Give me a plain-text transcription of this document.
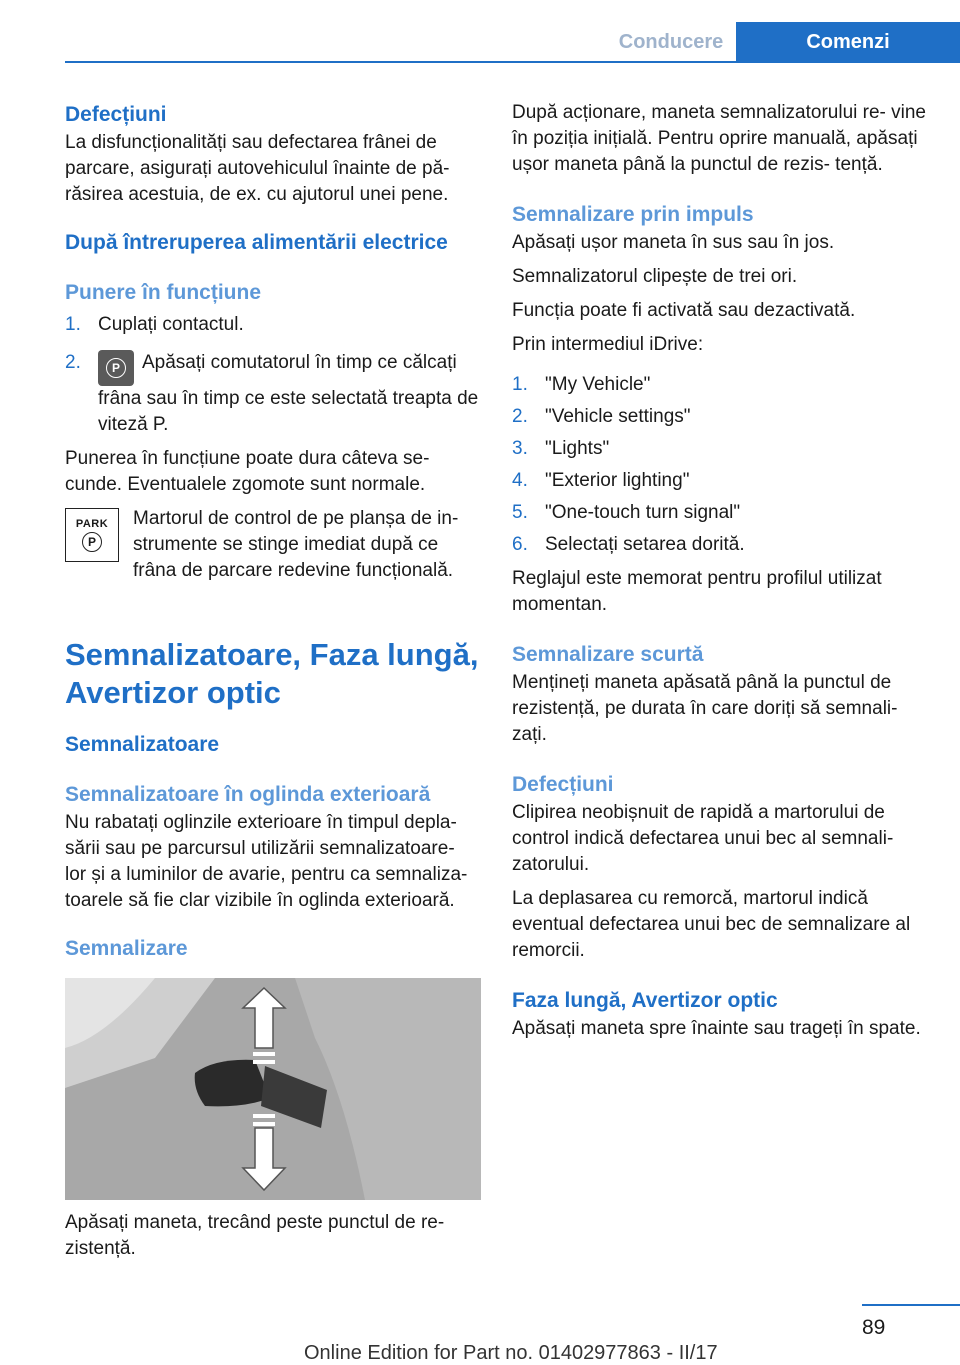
Conducere	Comenzi
Defecțiuni

La disfuncționalități sau defectarea frânei de parcare, asigurați autovehiculul înainte de pă- răsirea acestuia, de ex. cu ajutorul unei pene.

După întreruperea alimentării electrice
Punere în funcțiune
1. Cuplați contactul.
2.	P	Apăsați comutatorul în timp ce călcați frâna sau în timp ce este selectată treapta de viteză P.

Punerea în funcțiune poate dura câteva se- cunde. Eventualele zgomote sunt normale.

PARK
P

Martorul de control de pe planșa de in- strumente se stinge imediat după ce frâna de parcare redevine funcțională.

Semnalizatoare, Faza lungă, Avertizor optic
Semnalizatoare
Semnalizatoare în oglinda exterioară

Nu rabatați oglinzile exterioare în timpul depla- sării sau pe parcursul utilizării semnalizatoare- lor și a luminilor de avarie, pentru ca semnaliza- toarele să fie clar vizibile în oglinda exterioară.

Semnalizare

Apăsați maneta, trecând peste punctul de re- zistență.

După acționare, maneta semnalizatorului re- vine în poziția inițială. Pentru oprire manuală, apăsați ușor maneta până la punctul de rezis- tență.

Semnalizare prin impuls

Apăsați ușor maneta în sus sau în jos.

Semnalizatorul clipește de trei ori.

Funcția poate fi activată sau dezactivată.

Prin intermediul iDrive:

1. "My Vehicle"
2. "Vehicle settings"
3. "Lights"
4. "Exterior lighting"
5. "One-touch turn signal"
6. Selectați setarea dorită.

Reglajul este memorat pentru profilul utilizat momentan.

Semnalizare scurtă

Mențineți maneta apăsată până la punctul de rezistență, pe durata în care doriți să semnali- zați.

Defecțiuni

Clipirea neobișnuit de rapidă a martorului de control indică defectarea unui bec al semnali- zatorului.

La deplasarea cu remorcă, martorul indică eventual defectarea unui bec de semnalizare al remorcii.

Faza lungă, Avertizor optic

Apăsați maneta spre înainte sau trageți în spate.

89
Online Edition for Part no. 01402977863 - II/17
